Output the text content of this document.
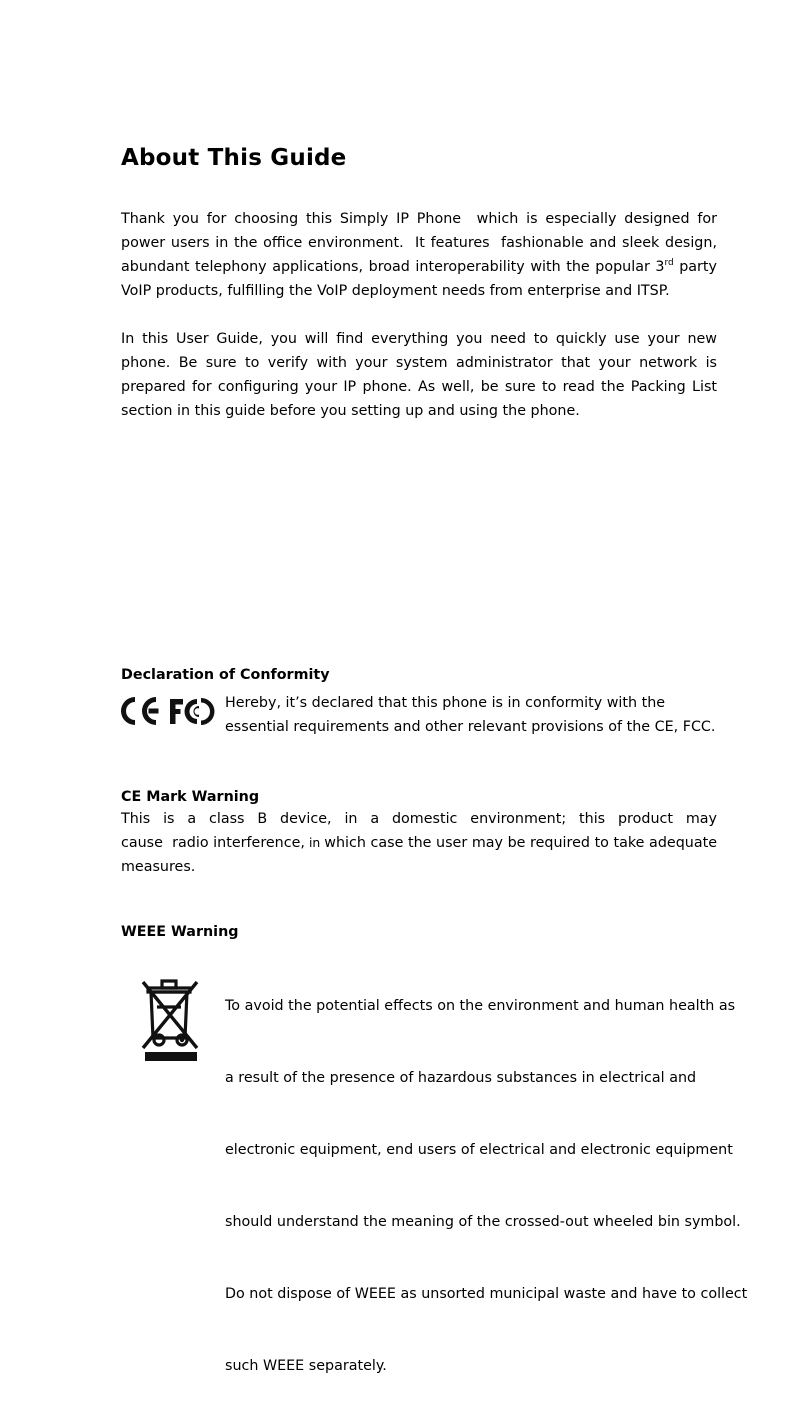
About This Guide

Thank you for choosing this Simply IP Phone  which is especially designed for power users in the office environment.  It features  fashionable and sleek design,  abundant telephony applications, broad interoperability with the popular 3rd party VoIP products, fulfilling the VoIP deployment needs from enterprise and ITSP.

In this User Guide, you will find everything you need to quickly use your new phone. Be sure to verify with your system administrator that your network is prepared for configuring your IP phone. As well, be sure to read the Packing List section in this guide before you setting up and using the phone.

Declaration of Conformity
Hereby, it’s declared that this phone is in conformity with the essential requirements and other relevant provisions of the CE, FCC.
CE Mark Warning

This  is  a  class  B  device,  in  a  domestic  environment;  this  product  may  cause  radio interference, in which case the user may be required to take adequate measures.

WEEE Warning

To avoid the potential effects on the environment and human health as

a result of the presence of hazardous substances in electrical and

electronic equipment, end users of electrical and electronic equipment

should understand the meaning of the crossed-out wheeled bin symbol.

Do not dispose of WEEE as unsorted municipal waste and have to collect

such WEEE separately.
